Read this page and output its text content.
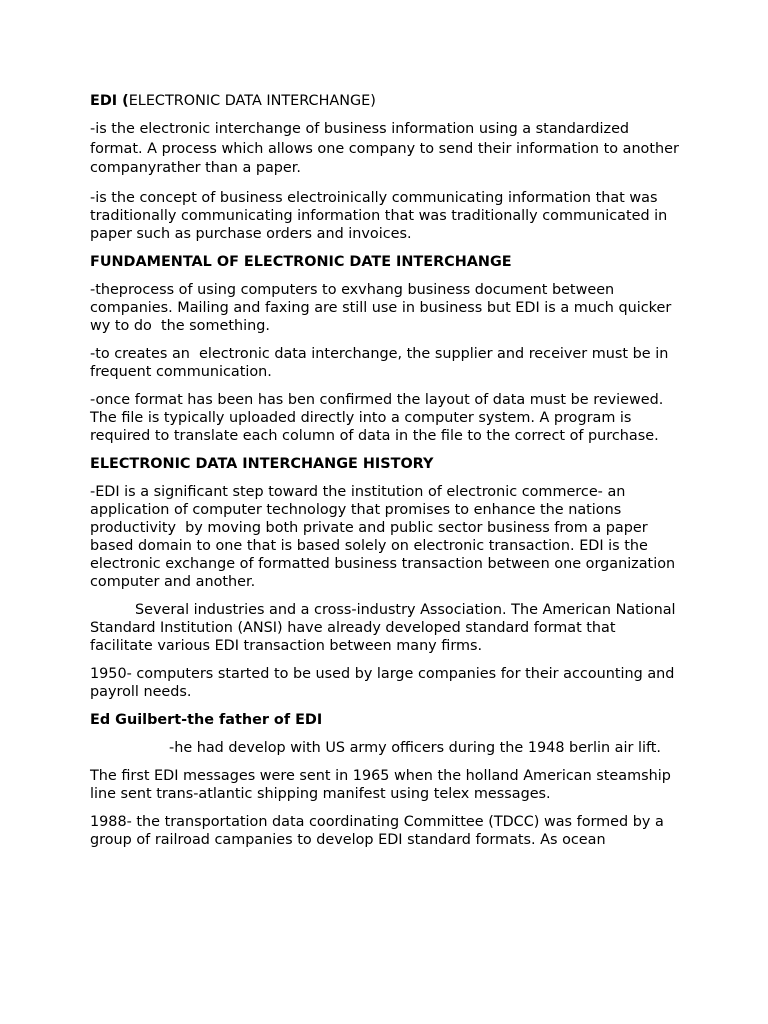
EDI (ELECTRONIC DATA INTERCHANGE)
-is the electronic interchange of business information using a standardized format. A process which allows one company to send their information to another companyrather than a paper.
-is the concept of business electroinically communicating information that was traditionally communicating information that was traditionally communicated in paper such as purchase orders and invoices.
FUNDAMENTAL OF ELECTRONIC DATE INTERCHANGE
-theprocess of using computers to exvhang business document between companies. Mailing and faxing are still use in business but EDI is a much quicker wy to do  the something.
-to creates an  electronic data interchange, the supplier and receiver must be in frequent communication.
-once format has been has ben confirmed the layout of data must be reviewed. The file is typically uploaded directly into a computer system. A program is required to translate each column of data in the file to the correct of purchase.
ELECTRONIC DATA INTERCHANGE HISTORY
-EDI is a significant step toward the institution of electronic commerce- an application of computer technology that promises to enhance the nations productivity  by moving both private and public sector business from a paper based domain to one that is based solely on electronic transaction. EDI is the electronic exchange of formatted business transaction between one organization computer and another.
Several industries and a cross-industry Association. The American National Standard Institution (ANSI) have already developed standard format that facilitate various EDI transaction between many firms.
1950- computers started to be used by large companies for their accounting and payroll needs.
Ed Guilbert-the father of EDI
-he had develop with US army officers during the 1948 berlin air lift.
The first EDI messages were sent in 1965 when the holland American steamship line sent trans-atlantic shipping manifest using telex messages.
1988- the transportation data coordinating Committee (TDCC) was formed by a group of railroad campanies to develop EDI standard formats. As ocean
